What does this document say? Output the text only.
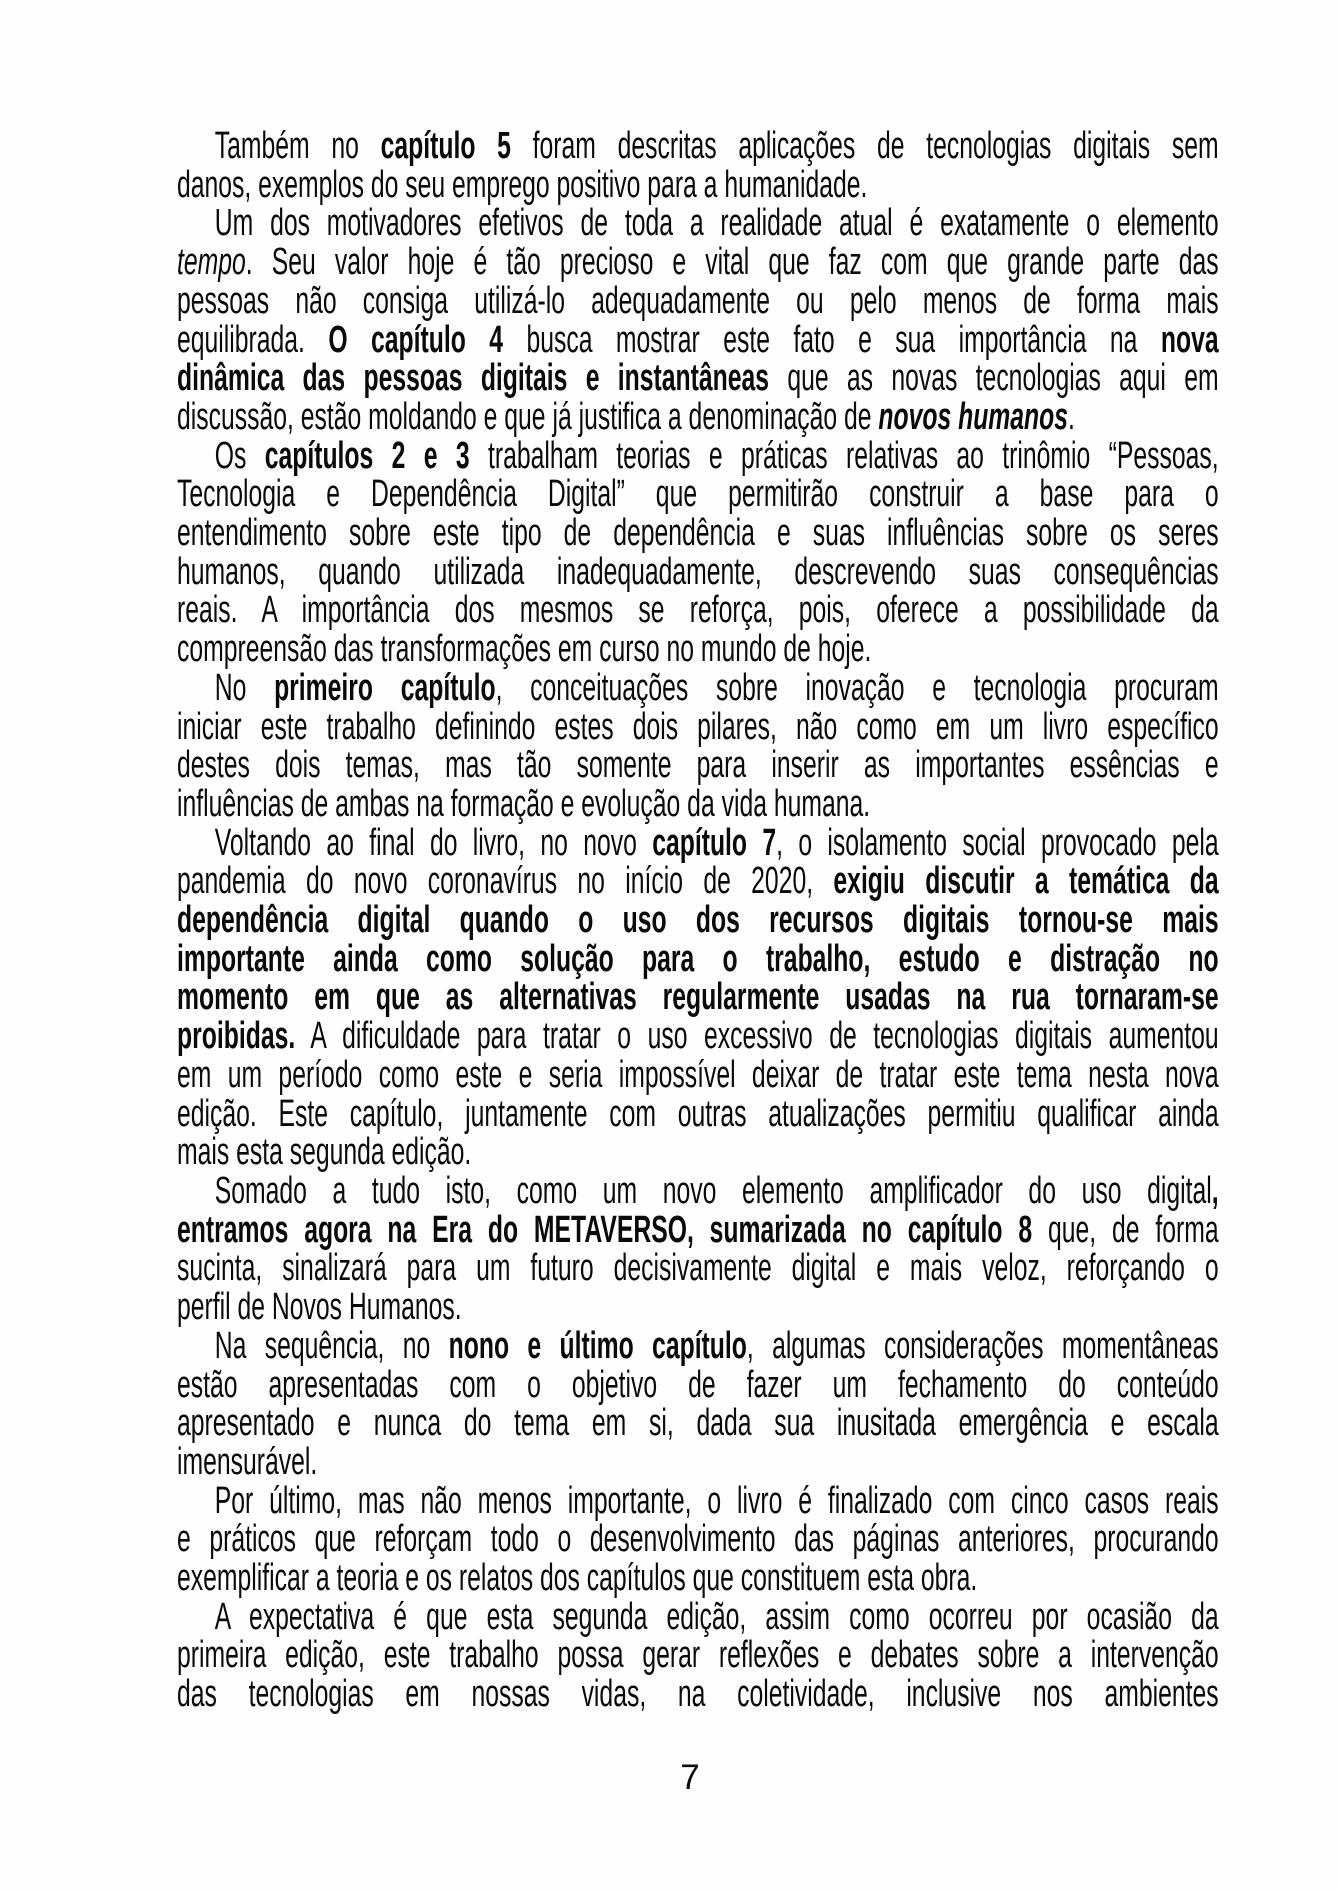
Também no capítulo 5 foram descritas aplicações de tecnologias digitais sem
danos, exemplos do seu emprego positivo para a humanidade.
Um dos motivadores efetivos de toda a realidade atual é exatamente o elemento
tempo. Seu valor hoje é tão precioso e vital que faz com que grande parte das
pessoas não consiga utilizá-lo adequadamente ou pelo menos de forma mais
equilibrada. O capítulo 4 busca mostrar este fato e sua importância na nova
dinâmica das pessoas digitais e instantâneas que as novas tecnologias aqui em
discussão, estão moldando e que já justifica a denominação de novos humanos.
Os capítulos 2 e 3 trabalham teorias e práticas relativas ao trinômio “Pessoas,
Tecnologia e Dependência Digital” que permitirão construir a base para o
entendimento sobre este tipo de dependência e suas influências sobre os seres
humanos, quando utilizada inadequadamente, descrevendo suas consequências
reais. A importância dos mesmos se reforça, pois, oferece a possibilidade da
compreensão das transformações em curso no mundo de hoje.
No primeiro capítulo, conceituações sobre inovação e tecnologia procuram
iniciar este trabalho definindo estes dois pilares, não como em um livro específico
destes dois temas, mas tão somente para inserir as importantes essências e
influências de ambas na formação e evolução da vida humana.
Voltando ao final do livro, no novo capítulo 7, o isolamento social provocado pela
pandemia do novo coronavírus no início de 2020, exigiu discutir a temática da
dependência digital quando o uso dos recursos digitais tornou-se mais
importante ainda como solução para o trabalho, estudo e distração no
momento em que as alternativas regularmente usadas na rua tornaram-se
proibidas. A dificuldade para tratar o uso excessivo de tecnologias digitais aumentou
em um período como este e seria impossível deixar de tratar este tema nesta nova
edição. Este capítulo, juntamente com outras atualizações permitiu qualificar ainda
mais esta segunda edição.
Somado a tudo isto, como um novo elemento amplificador do uso digital,
entramos agora na Era do METAVERSO, sumarizada no capítulo 8 que, de forma
sucinta, sinalizará para um futuro decisivamente digital e mais veloz, reforçando o
perfil de Novos Humanos.
Na sequência, no nono e último capítulo, algumas considerações momentâneas
estão apresentadas com o objetivo de fazer um fechamento do conteúdo
apresentado e nunca do tema em si, dada sua inusitada emergência e escala
imensurável.
Por último, mas não menos importante, o livro é finalizado com cinco casos reais
e práticos que reforçam todo o desenvolvimento das páginas anteriores, procurando
exemplificar a teoria e os relatos dos capítulos que constituem esta obra.
A expectativa é que esta segunda edição, assim como ocorreu por ocasião da
primeira edição, este trabalho possa gerar reflexões e debates sobre a intervenção
das tecnologias em nossas vidas, na coletividade, inclusive nos ambientes
7
